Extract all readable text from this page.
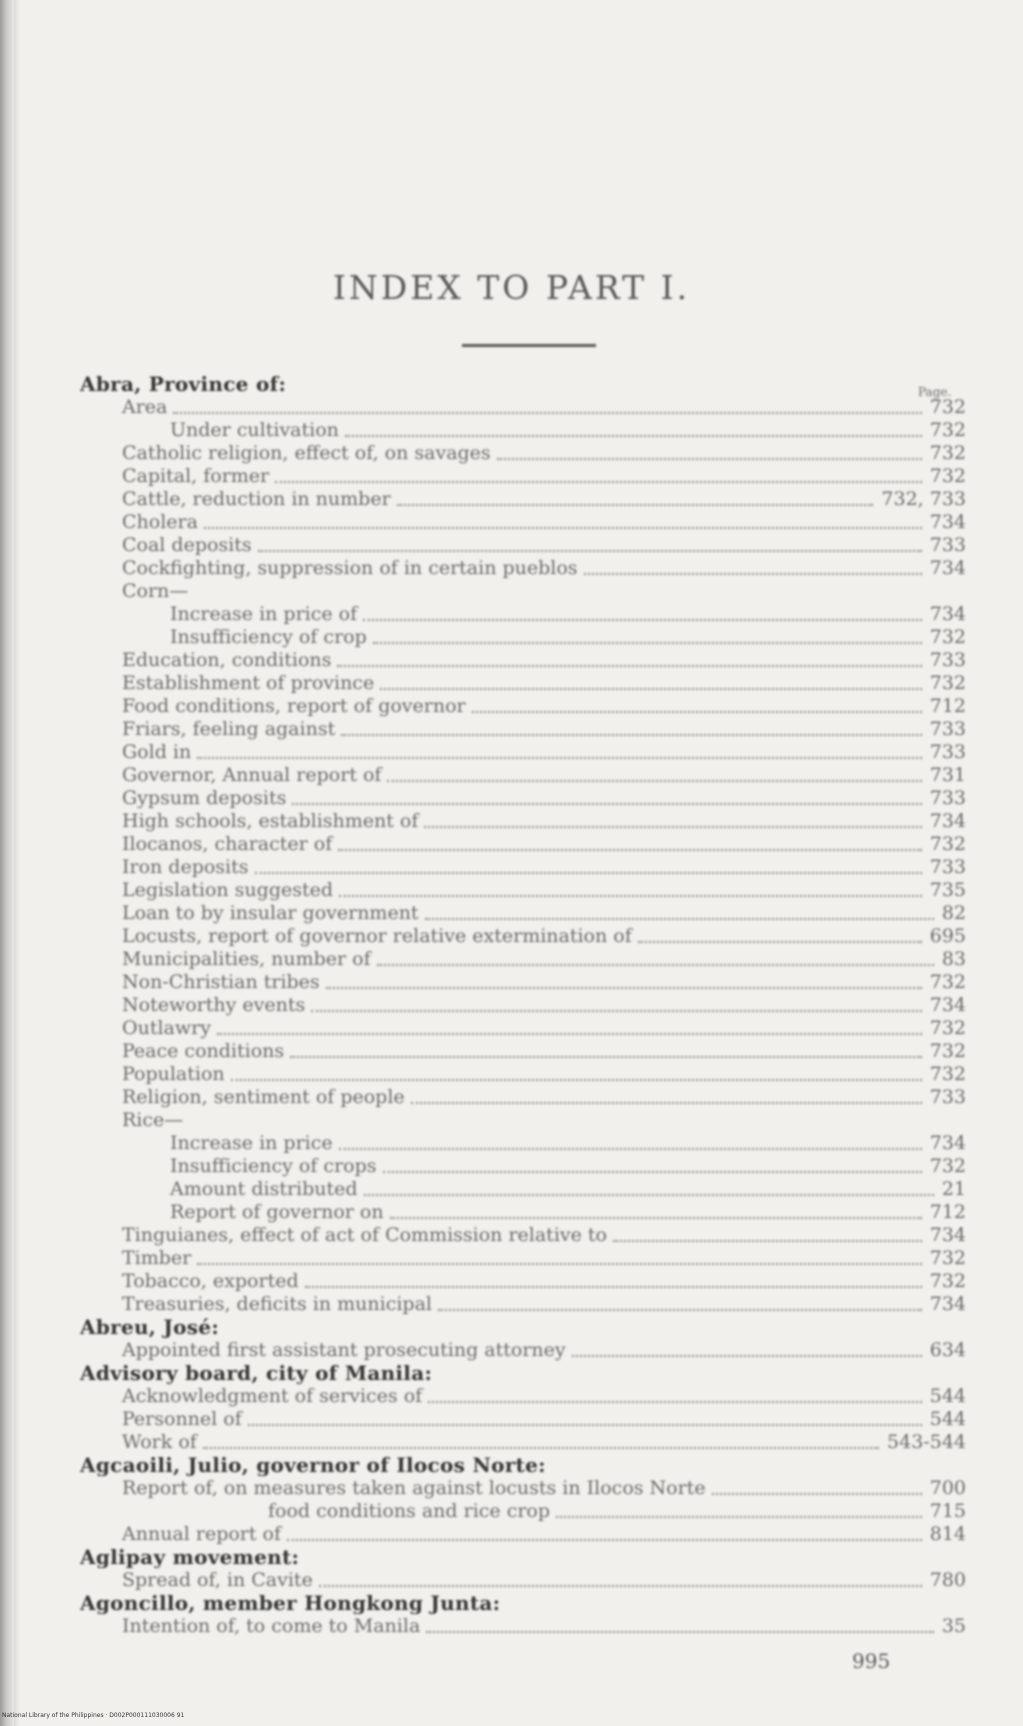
INDEX TO PART I.
Page.
Abra, Province of:
Area	732
Under cultivation	732
Catholic religion, effect of, on savages	732
Capital, former	732
Cattle, reduction in number	732, 733
Cholera	734
Coal deposits	733
Cockfighting, suppression of in certain pueblos	734
Corn—
Increase in price of	734
Insufficiency of crop	732
Education, conditions	733
Establishment of province	732
Food conditions, report of governor	712
Friars, feeling against	733
Gold in	733
Governor, Annual report of	731
Gypsum deposits	733
High schools, establishment of	734
Ilocanos, character of	732
Iron deposits	733
Legislation suggested	735
Loan to by insular government	82
Locusts, report of governor relative extermination of	695
Municipalities, number of	83
Non-Christian tribes	732
Noteworthy events	734
Outlawry	732
Peace conditions	732
Population	732
Religion, sentiment of people	733
Rice—
Increase in price	734
Insufficiency of crops	732
Amount distributed	21
Report of governor on	712
Tinguianes, effect of act of Commission relative to	734
Timber	732
Tobacco, exported	732
Treasuries, deficits in municipal	734
Abreu, José:
Appointed first assistant prosecuting attorney	634
Advisory board, city of Manila:
Acknowledgment of services of	544
Personnel of	544
Work of	543-544
Agcaoili, Julio, governor of Ilocos Norte:
Report of, on measures taken against locusts in Ilocos Norte	700
food conditions and rice crop	715
Annual report of	814
Aglipay movement:
Spread of, in Cavite	780
Agoncillo, member Hongkong Junta:
Intention of, to come to Manila	35
995
National Library of the Philippines · D002P000111030006 91
